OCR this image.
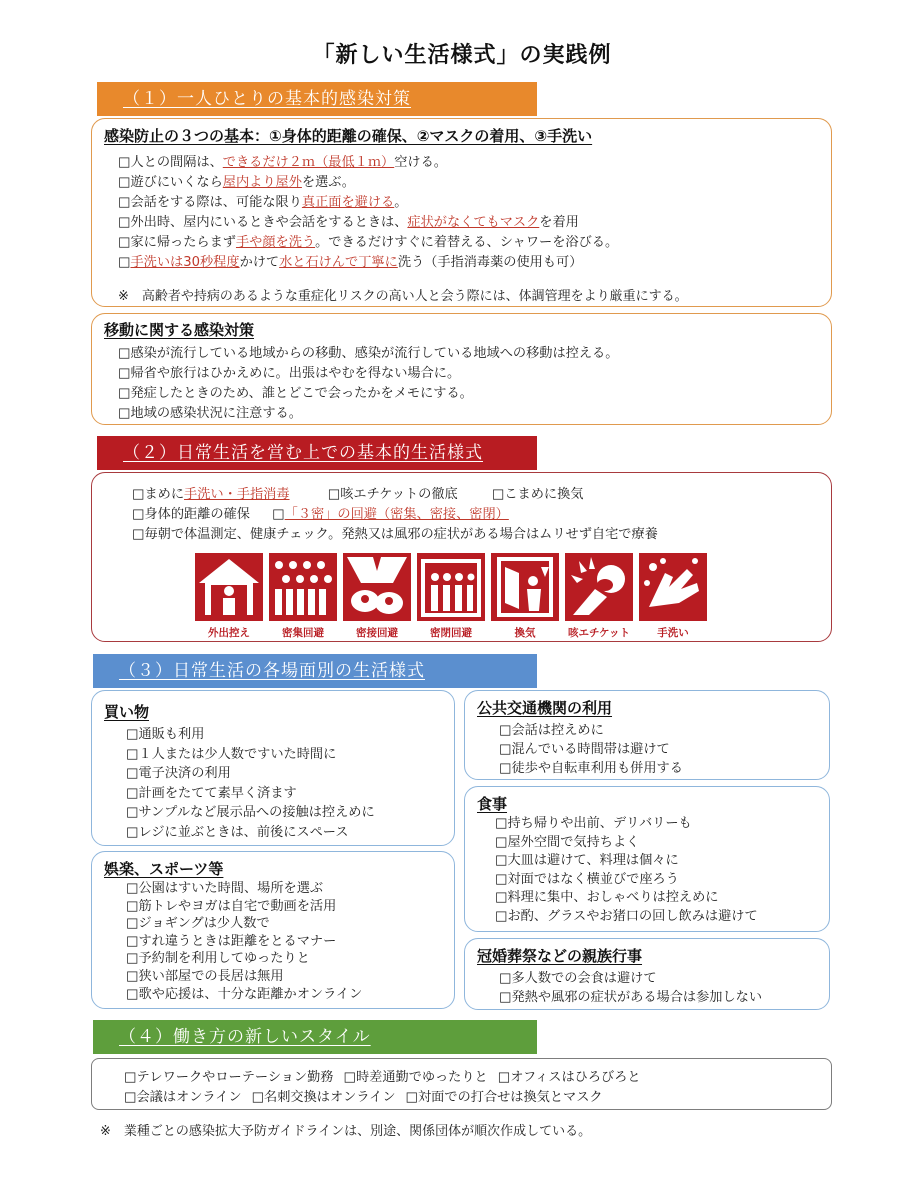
「新しい生活様式」の実践例
（１）一人ひとりの基本的感染対策
感染防止の３つの基本：①身体的距離の確保、②マスクの着用、③手洗い
□ 人との間隔は、できるだけ２ｍ（最低１ｍ）空ける。
□ 遊びにいくなら屋内より屋外を選ぶ。
□ 会話をする際は、可能な限り真正面を避ける。
□ 外出時、屋内にいるときや会話をするときは、症状がなくてもマスクを着用
□ 家に帰ったらまず手や顔を洗う。できるだけすぐに着替える、シャワーを浴びる。
□ 手洗いは30秒程度かけて水と石けんで丁寧に洗う（手指消毒薬の使用も可）
※　高齢者や持病のあるような重症化リスクの高い人と会う際には、体調管理をより厳重にする。
移動に関する感染対策
□ 感染が流行している地域からの移動、感染が流行している地域への移動は控える。
□ 帰省や旅行はひかえめに。出張はやむを得ない場合に。
□ 発症したときのため、誰とどこで会ったかをメモにする。
□ 地域の感染状況に注意する。
（２）日常生活を営む上での基本的生活様式
□まめに手洗い・手指消毒	□咳エチケットの徹底	□こまめに換気
□身体的距離の確保 □「３密」の回避（密集、密接、密閉）
□毎朝で体温測定、健康チェック。発熱又は風邪の症状がある場合はムリせず自宅で療養
外出控え	密集回避	密接回避	密閉回避	換気	咳エチケット	手洗い
（３）日常生活の各場面別の生活様式
買い物
□ 通販も利用
□ １人または少人数ですいた時間に
□ 電子決済の利用
□ 計画をたてて素早く済ます
□ サンプルなど展示品への接触は控えめに
□ レジに並ぶときは、前後にスペース
娯楽、スポーツ等
□ 公園はすいた時間、場所を選ぶ
□ 筋トレやヨガは自宅で動画を活用
□ ジョギングは少人数で
□ すれ違うときは距離をとるマナー
□ 予約制を利用してゆったりと
□ 狭い部屋での長居は無用
□ 歌や応援は、十分な距離かオンライン
公共交通機関の利用
□ 会話は控えめに
□ 混んでいる時間帯は避けて
□ 徒歩や自転車利用も併用する
食事
□ 持ち帰りや出前、デリバリーも
□ 屋外空間で気持ちよく
□ 大皿は避けて、料理は個々に
□ 対面ではなく横並びで座ろう
□ 料理に集中、おしゃべりは控えめに
□ お酌、グラスやお猪口の回し飲みは避けて
冠婚葬祭などの親族行事
□ 多人数での会食は避けて
□ 発熱や風邪の症状がある場合は参加しない
（４）働き方の新しいスタイル
□テレワークやローテーション勤務 □時差通勤でゆったりと □オフィスはひろびろと
□会議はオンライン □名刺交換はオンライン □対面での打合せは換気とマスク
※　業種ごとの感染拡大予防ガイドラインは、別途、関係団体が順次作成している。
